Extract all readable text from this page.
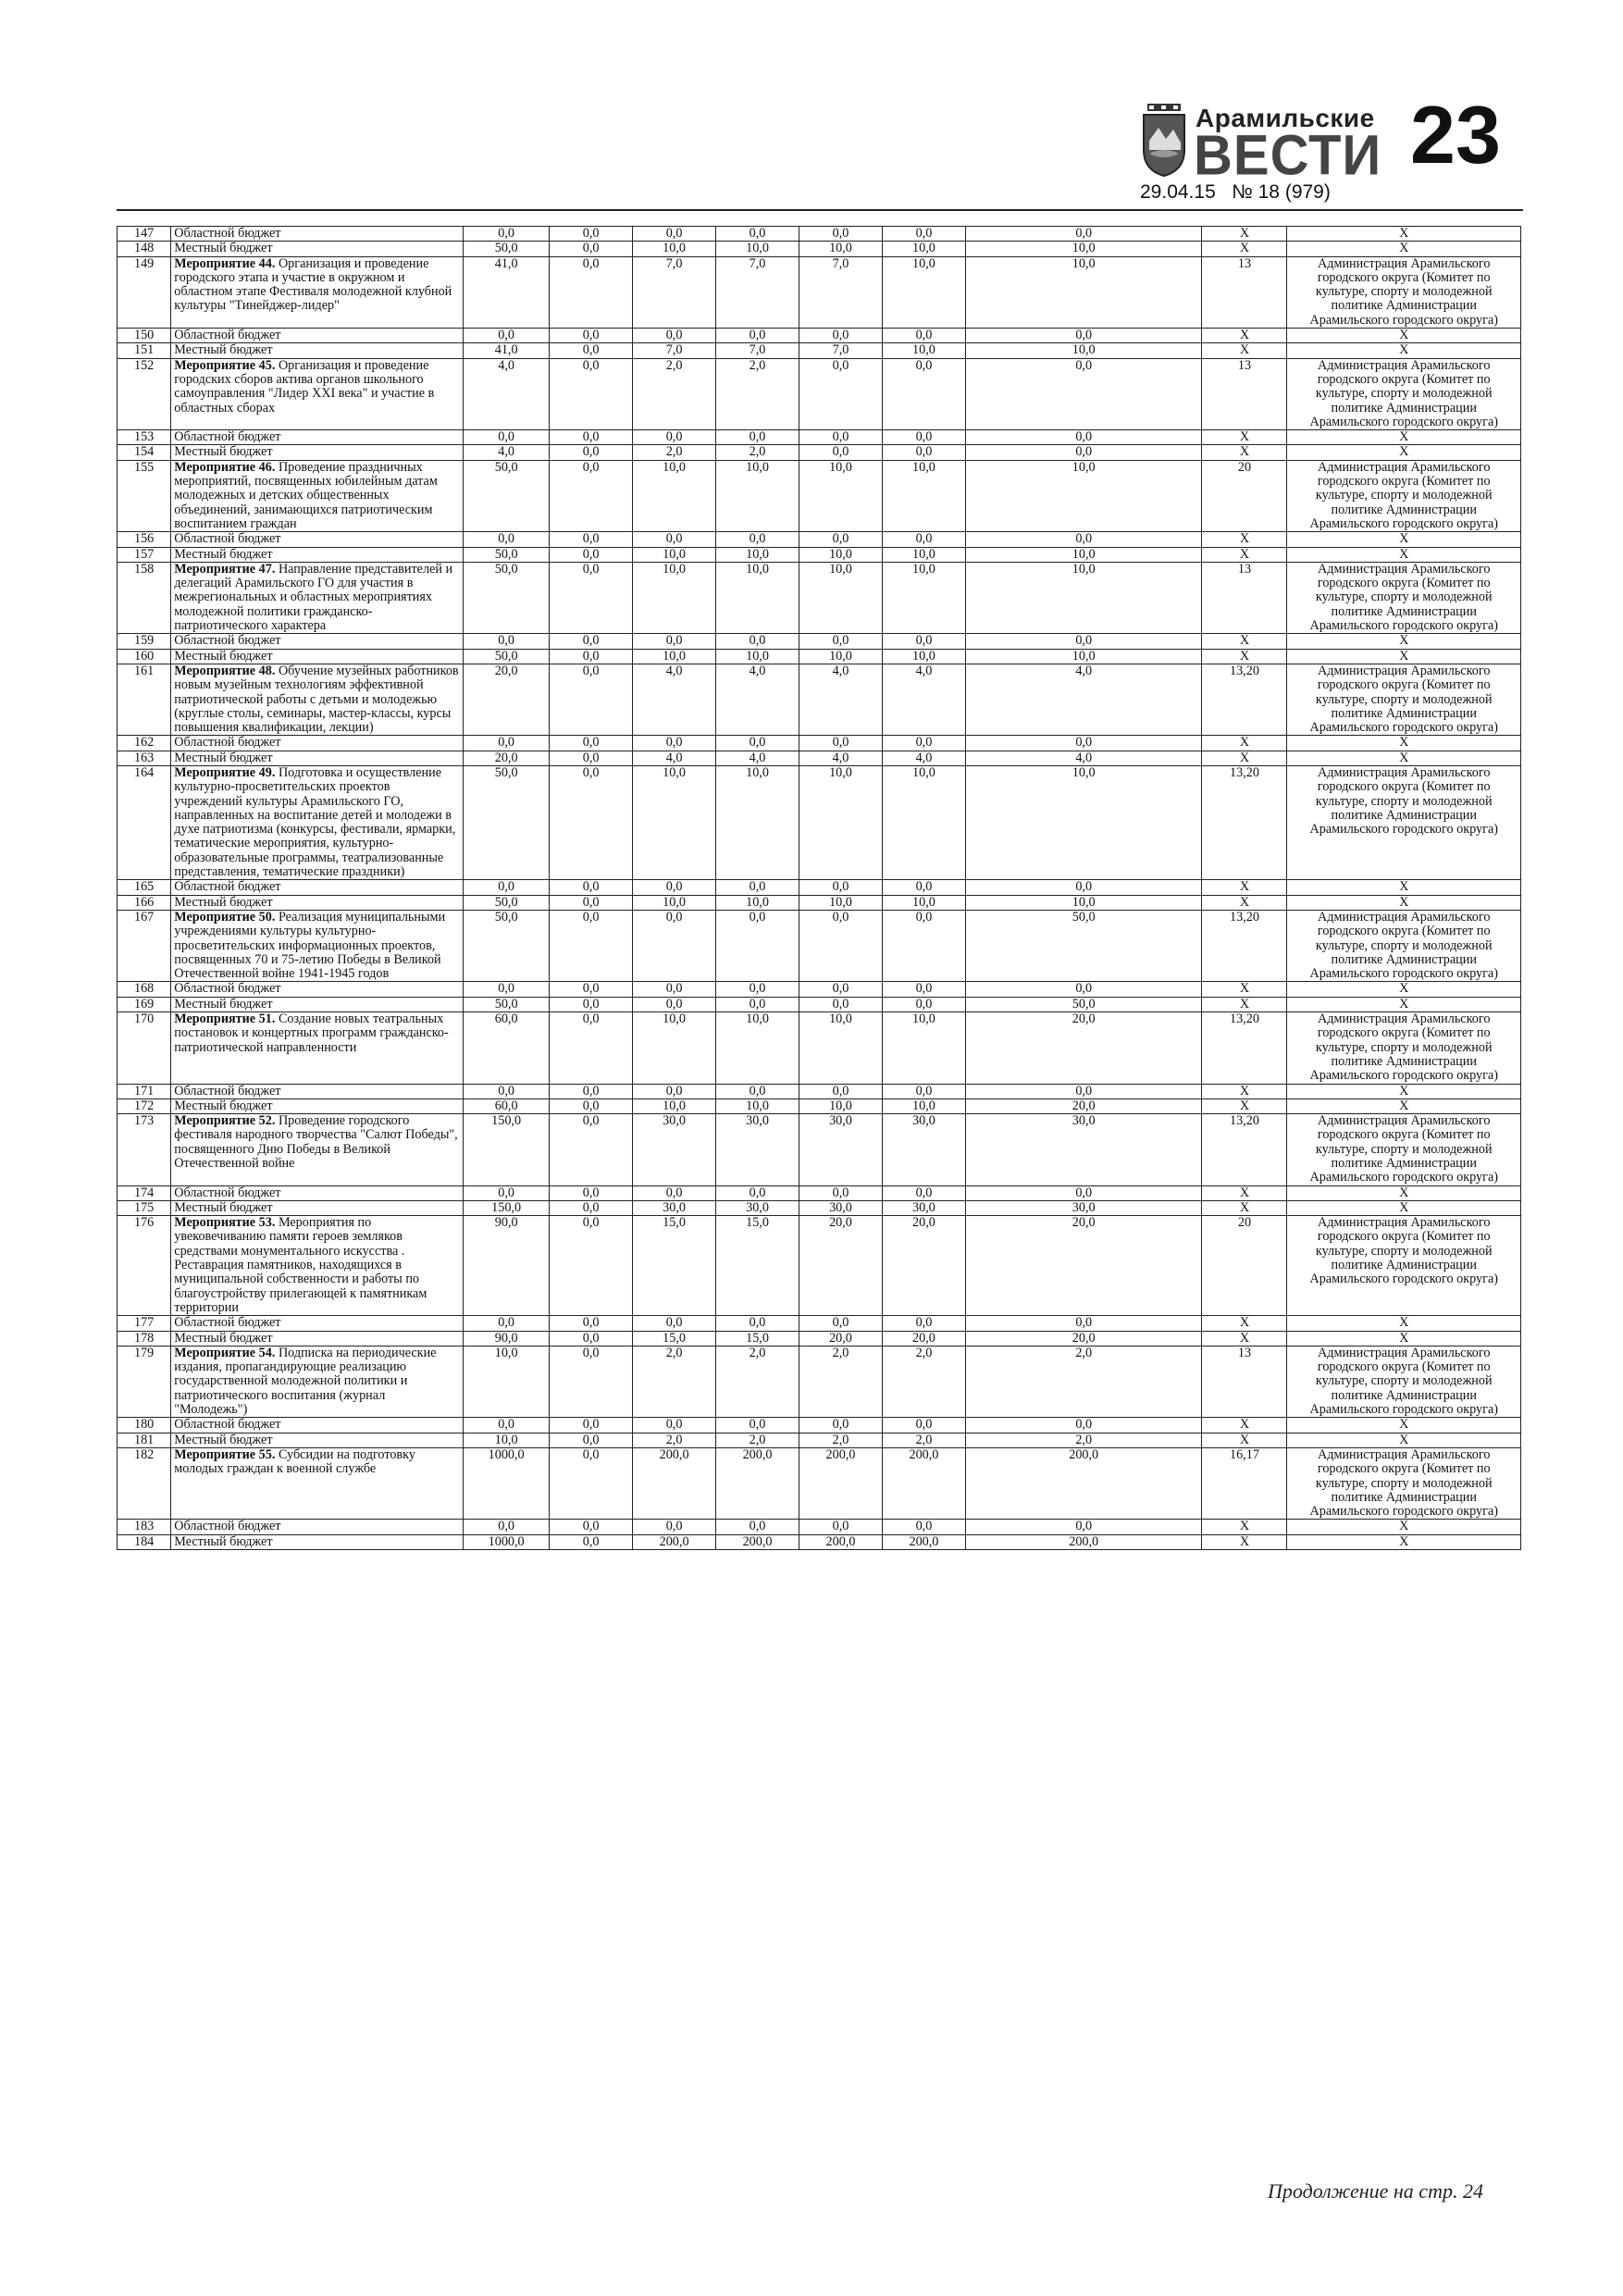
Арамильские
ВЕСТИ 23
29.04.15 № 18 (979)
147	Областной бюджет	0,0	0,0	0,0	0,0	0,0	0,0	0,0	X	X
148	Местный бюджет	50,0	0,0	10,0	10,0	10,0	10,0	10,0	X	X
149	Мероприятие 44. Организация и проведение городского этапа и участие в окружном и областном этапе Фестиваля молодежной клубной культуры "Тинейджер-лидер"	41,0	0,0	7,0	7,0	7,0	10,0	10,0	13	Администрация Арамильского городского округа (Комитет по культуре, спорту и молодежной политике Администрации Арамильского городского округа)
150	Областной бюджет	0,0	0,0	0,0	0,0	0,0	0,0	0,0	X	X
151	Местный бюджет	41,0	0,0	7,0	7,0	7,0	10,0	10,0	X	X
152	Мероприятие 45. Организация и проведение городских сборов актива органов школьного самоуправления "Лидер XXI века" и участие в областных сборах	4,0	0,0	2,0	2,0	0,0	0,0	0,0	13	Администрация Арамильского городского округа (Комитет по культуре, спорту и молодежной политике Администрации Арамильского городского округа)
153	Областной бюджет	0,0	0,0	0,0	0,0	0,0	0,0	0,0	X	X
154	Местный бюджет	4,0	0,0	2,0	2,0	0,0	0,0	0,0	X	X
155	Мероприятие 46. Проведение праздничных мероприятий, посвященных юбилейным датам молодежных и детских общественных объединений, занимающихся патриотическим воспитанием граждан	50,0	0,0	10,0	10,0	10,0	10,0	10,0	20	Администрация Арамильского городского округа (Комитет по культуре, спорту и молодежной политике Администрации Арамильского городского округа)
156	Областной бюджет	0,0	0,0	0,0	0,0	0,0	0,0	0,0	X	X
157	Местный бюджет	50,0	0,0	10,0	10,0	10,0	10,0	10,0	X	X
158	Мероприятие 47. Направление представителей и делегаций Арамильского ГО для участия в межрегиональных и областных мероприятиях молодежной политики гражданско-патриотического характера	50,0	0,0	10,0	10,0	10,0	10,0	10,0	13	Администрация Арамильского городского округа (Комитет по культуре, спорту и молодежной политике Администрации Арамильского городского округа)
159	Областной бюджет	0,0	0,0	0,0	0,0	0,0	0,0	0,0	X	X
160	Местный бюджет	50,0	0,0	10,0	10,0	10,0	10,0	10,0	X	X
161	Мероприятие 48. Обучение музейных работников новым музейным технологиям эффективной патриотической работы с детьми и молодежью (круглые столы, семинары, мастер-классы, курсы повышения квалификации, лекции)	20,0	0,0	4,0	4,0	4,0	4,0	4,0	13,20	Администрация Арамильского городского округа (Комитет по культуре, спорту и молодежной политике Администрации Арамильского городского округа)
162	Областной бюджет	0,0	0,0	0,0	0,0	0,0	0,0	0,0	X	X
163	Местный бюджет	20,0	0,0	4,0	4,0	4,0	4,0	4,0	X	X
164	Мероприятие 49. Подготовка и осуществление культурно-просветительских проектов учреждений культуры Арамильского ГО, направленных на воспитание детей и молодежи в духе патриотизма (конкурсы, фестивали, ярмарки, тематические мероприятия, культурно-образовательные программы, театрализованные представления, тематические праздники)	50,0	0,0	10,0	10,0	10,0	10,0	10,0	13,20	Администрация Арамильского городского округа (Комитет по культуре, спорту и молодежной политике Администрации Арамильского городского округа)
165	Областной бюджет	0,0	0,0	0,0	0,0	0,0	0,0	0,0	X	X
166	Местный бюджет	50,0	0,0	10,0	10,0	10,0	10,0	10,0	X	X
167	Мероприятие 50. Реализация муниципальными учреждениями культуры культурно-просветительских информационных проектов, посвященных 70 и 75-летию Победы в Великой Отечественной войне 1941-1945 годов	50,0	0,0	0,0	0,0	0,0	0,0	50,0	13,20	Администрация Арамильского городского округа (Комитет по культуре, спорту и молодежной политике Администрации Арамильского городского округа)
168	Областной бюджет	0,0	0,0	0,0	0,0	0,0	0,0	0,0	X	X
169	Местный бюджет	50,0	0,0	0,0	0,0	0,0	0,0	50,0	X	X
170	Мероприятие 51. Создание новых театральных постановок и концертных программ гражданско-патриотической направленности	60,0	0,0	10,0	10,0	10,0	10,0	20,0	13,20	Администрация Арамильского городского округа (Комитет по культуре, спорту и молодежной политике Администрации Арамильского городского округа)
171	Областной бюджет	0,0	0,0	0,0	0,0	0,0	0,0	0,0	X	X
172	Местный бюджет	60,0	0,0	10,0	10,0	10,0	10,0	20,0	X	X
173	Мероприятие 52. Проведение городского фестиваля народного творчества "Салют Победы", посвященного Дню Победы в Великой Отечественной войне	150,0	0,0	30,0	30,0	30,0	30,0	30,0	13,20	Администрация Арамильского городского округа (Комитет по культуре, спорту и молодежной политике Администрации Арамильского городского округа)
174	Областной бюджет	0,0	0,0	0,0	0,0	0,0	0,0	0,0	X	X
175	Местный бюджет	150,0	0,0	30,0	30,0	30,0	30,0	30,0	X	X
176	Мероприятие 53. Мероприятия по увековечиванию памяти героев земляков средствами монументального искусства . Реставрация памятников, находящихся в муниципальной собственности и работы по благоустройству прилегающей к памятникам территории	90,0	0,0	15,0	15,0	20,0	20,0	20,0	20	Администрация Арамильского городского округа (Комитет по культуре, спорту и молодежной политике Администрации Арамильского городского округа)
177	Областной бюджет	0,0	0,0	0,0	0,0	0,0	0,0	0,0	X	X
178	Местный бюджет	90,0	0,0	15,0	15,0	20,0	20,0	20,0	X	X
179	Мероприятие 54. Подписка на периодические издания, пропагандирующие реализацию государственной молодежной политики и патриотического воспитания (журнал "Молодежь")	10,0	0,0	2,0	2,0	2,0	2,0	2,0	13	Администрация Арамильского городского округа (Комитет по культуре, спорту и молодежной политике Администрации Арамильского городского округа)
180	Областной бюджет	0,0	0,0	0,0	0,0	0,0	0,0	0,0	X	X
181	Местный бюджет	10,0	0,0	2,0	2,0	2,0	2,0	2,0	X	X
182	Мероприятие 55. Субсидии на подготовку молодых граждан к военной службе	1000,0	0,0	200,0	200,0	200,0	200,0	200,0	16,17	Администрация Арамильского городского округа (Комитет по культуре, спорту и молодежной политике Администрации Арамильского городского округа)
183	Областной бюджет	0,0	0,0	0,0	0,0	0,0	0,0	0,0	X	X
184	Местный бюджет	1000,0	0,0	200,0	200,0	200,0	200,0	200,0	X	X
Продолжение на стр. 24
